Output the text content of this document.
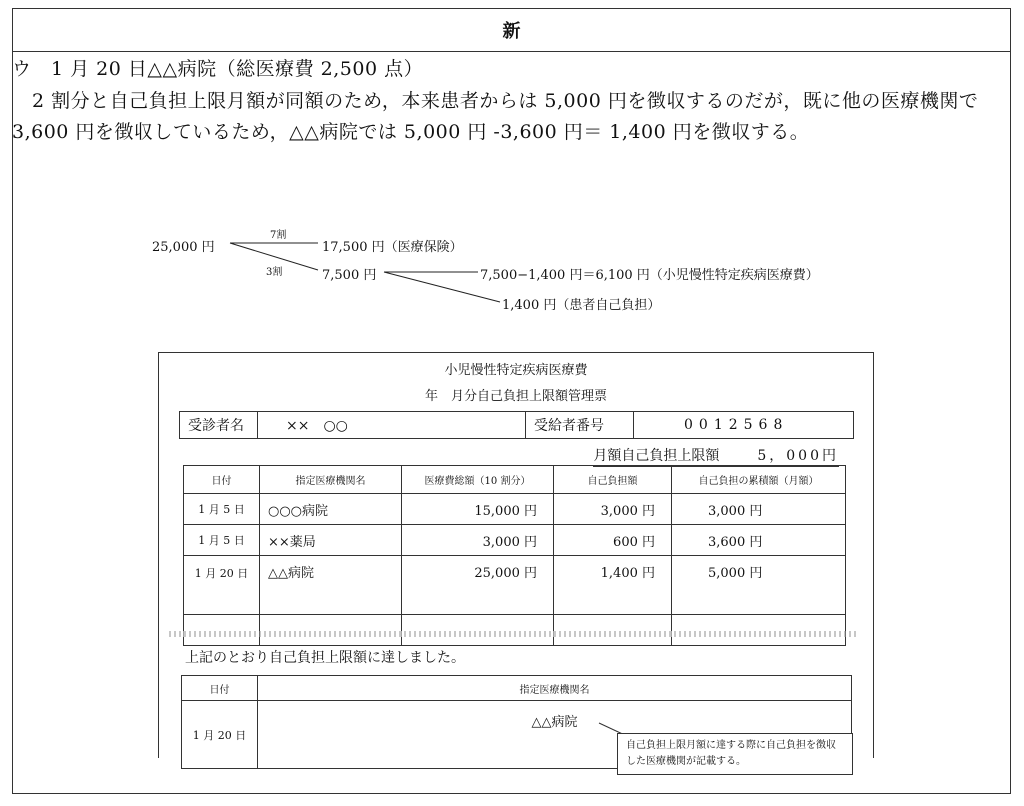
新
ウ　1 月 20 日△△病院（総医療費 2,500 点）
2 割分と自己負担上限月額が同額のため，本来患者からは 5,000 円を徴収するのだが，既に他の医療機関で 3,600 円を徴収しているため，△△病院では 5,000 円 -3,600 円＝ 1,400 円を徴収する。
25,000 円
7割
3割
17,500 円（医療保険）
7,500 円	7,500−1,400 円＝6,100 円（小児慢性特定疾病医療費）
1,400 円（患者自己負担）
小児慢性特定疾病医療費
年　月分自己負担上限額管理票
受診者名	××　○○	受給者番号	0012568
月額自己負担上限額	5，000円
日付	指定医療機関名	医療費総額（10 割分）	自己負担額	自己負担の累積額（月額）
1 月 5 日	○○○病院	15,000 円	3,000 円	3,000 円
1 月 5 日	××薬局	3,000 円	600 円	3,600 円
1 月 20 日	△△病院	25,000 円	1,400 円	5,000 円

上記のとおり自己負担上限額に達しました。
日付	指定医療機関名
1 月 20 日	△△病院
自己負担上限月額に達する際に自己負担を徴収した医療機関が記載する。
